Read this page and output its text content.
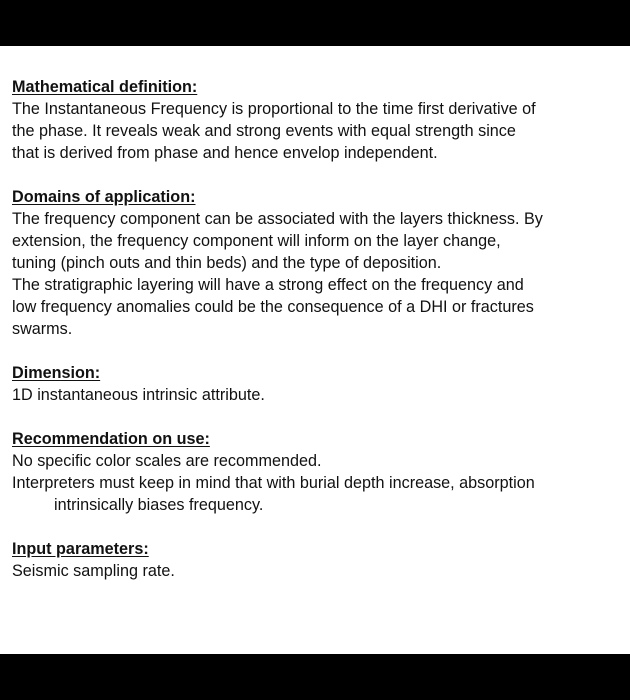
Mathematical definition:
The Instantaneous Frequency is proportional to the time first derivative of
the phase. It reveals weak and strong events with equal strength since
that is derived from phase and hence envelop independent.
Domains of application:
The frequency component can be associated with the layers thickness. By
extension, the frequency component will inform on the layer change,
tuning (pinch outs and thin beds) and the type of deposition.
The stratigraphic layering will have a strong effect on the frequency and
low frequency anomalies could be the consequence of a DHI or fractures
swarms.
Dimension:
1D instantaneous intrinsic attribute.
Recommendation on use:
No specific color scales are recommended.
Interpreters must keep in mind that with burial depth increase, absorption
intrinsically biases frequency.
Input parameters:
Seismic sampling rate.
